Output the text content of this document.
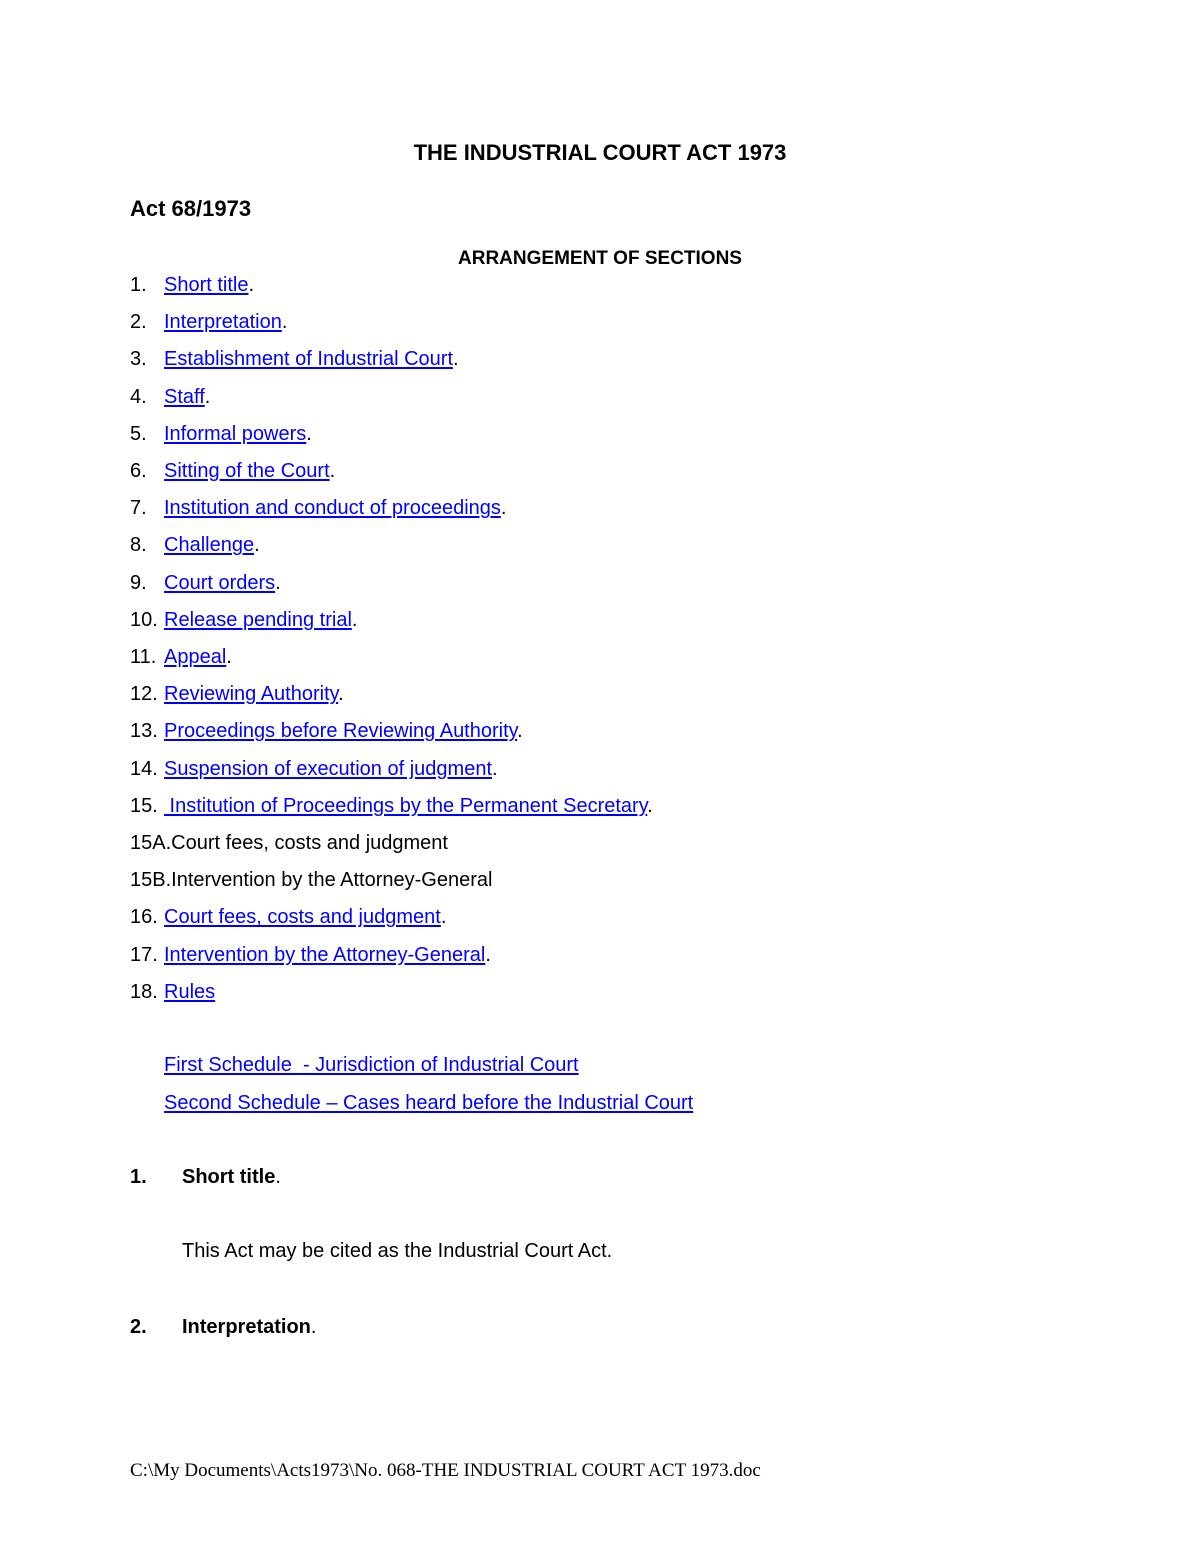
THE INDUSTRIAL COURT ACT 1973
Act 68/1973
ARRANGEMENT OF SECTIONS
1. Short title.
2. Interpretation.
3. Establishment of Industrial Court.
4. Staff.
5. Informal powers.
6. Sitting of the Court.
7. Institution and conduct of proceedings.
8. Challenge.
9. Court orders.
10. Release pending trial.
11. Appeal.
12. Reviewing Authority.
13. Proceedings before Reviewing Authority.
14. Suspension of execution of judgment.
15. Institution of Proceedings by the Permanent Secretary.
15A.Court fees, costs and judgment
15B.Intervention by the Attorney-General
16. Court fees, costs and judgment.
17. Intervention by the Attorney-General.
18. Rules
First Schedule  - Jurisdiction of Industrial Court
Second Schedule – Cases heard before the Industrial Court
1. Short title.
This Act may be cited as the Industrial Court Act.
2. Interpretation.
C:\My Documents\Acts1973\No. 068-THE INDUSTRIAL COURT ACT 1973.doc
